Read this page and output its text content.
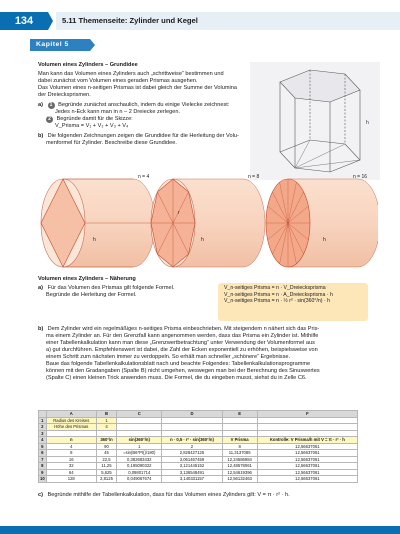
134	5.11 Themenseite: Zylinder und Kegel
Kapitel 5
Volumen eines Zylinders – Grundidee
Man kann das Volumen eines Zylinders auch „schrittweise“ bestimmen und
dabei zunächst vom Volumen eines geraden Prismas ausgehen.
Das Volumen eines n-seitigen Prismas ist dabei gleich der Summe der Volumina
der Dreiecksprismen.
a) 1 Begründe zunächst anschaulich, indem du einige Vielecke zeichnest:
Jedes n-Eck kann man in n – 2 Dreiecke zerlegen.
2 Begründe damit für die Skizze:
V_Prisma = V₁ + V₂ + V₃ + V₄
b) Die folgenden Zeichnungen zeigen die Grundidee für die Herleitung der Volu-
menformel für Zylinder. Beschreibe diese Grundidee.
h
n = 4
h
n = 8
r
h
n = 16
h
Volumen eines Zylinders – Näherung
a) Für das Volumen des Prismas gilt folgende Formel.
Begründe die Herleitung der Formel.
V_n-seitiges Prisma = n · V_Dreiecksprisma
V_n-seitiges Prisma = n · A_Dreiecksprisma · h
V_n-seitiges Prisma = n · ½ r² · sin(360°/n) · h
b) Dem Zylinder wird ein regelmäßiges n-seitiges Prisma einbeschrieben. Mit steigendem n nähert sich das Pris-
ma einem Zylinder an. Für den Grenzfall kann angenommen werden, dass das Prisma ein Zylinder ist. Mithilfe
einer Tabellenkalkulation kann man diese „Grenzwertbetrachtung“ unter Verwendung der Volumenformel aus
a) gut durchführen. Empfehlenswert ist dabei, die Zahl der Ecken exponentiell zu erhöhen, beispielsweise von
einem Schritt zum nächsten immer zu verdoppeln. So erhält man schneller „schönere“ Ergebnisse.
Baue das folgende Tabellenkalkulationsblatt nach und beachte Folgendes: Tabellenkalkulationsprogramme
können mit den Gradangaben (Spalte B) nicht umgehen, weswegen man bei der Berechnung des Sinuswertes
(Spalte C) einen kleinen Trick anwenden muss. Die Formel, die du eingeben musst, siehst du in Zelle C6.
	A	B	C	D	E	F
1	Radius des Kreises	1				
2	Höhe des Prismas	4				
3						
4	n	360°/n	sin(360°/n)	n · 0,5 · r² · sin(360°/n)	V Prisma	Kontrolle: V Prisma/h mit V = π · r² · h
5	4	90	1	2	8	12,56637061
6	8	45	=sin(B6*PI()/180)	2,828427125	11,3137085	12,56637061
7	16	22,5	0,382683432	3,061467459	12,24586984	12,56637061
8	32	11,25	0,195090322	3,121445152	12,48578061	12,56637061
9	64	5,625	0,09801714	3,136548491	12,54619396	12,56637061
10	128	2,8125	0,049067674	3,140331157	12,56132463	12,56637061
c) Begründe mithilfe der Tabellenkalkulation, dass für das Volumen eines Zylinders gilt: V = π · r² · h.
